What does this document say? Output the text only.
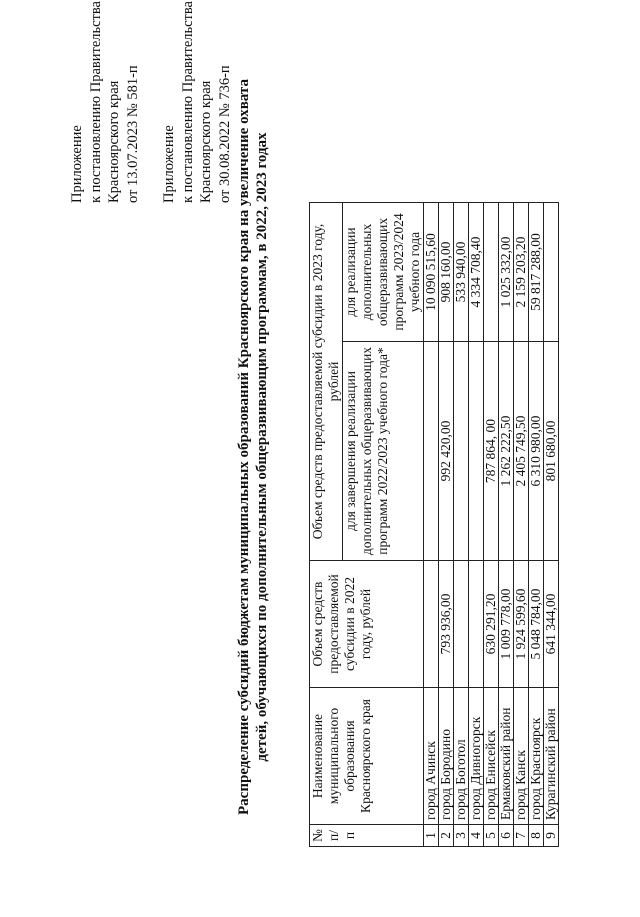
Приложение к постановлению Правительства Красноярского края от 13.07.2023 № 581-п Приложение к постановлению Правительства Красноярского края от 30.08.2022 № 736-п Распределение субсидий бюджетам муниципальных образований Красноярского края на увеличение охвата детей, обучающихся по дополнительным общеразвивающим программам, в 2022, 2023 годах
№ п/п	Наименование муниципального образования Красноярского края	Объем средств предоставляемой субсидии в 2022 году, рублей	Объем средств предоставляемой субсидии в 2023 году, рублей	
			для завершения реализации дополнительных общеразвивающих программ 2022/2023 учебного года*	для реализации дополнительных общеразвивающих программ 2023/2024 учебного года
1	город Ачинск			10 090 515,60
2	город Бородино	793 936,00	992 420,00	908 160,00
3	город Боготол			533 940,00
4	город Дивногорск			4 334 708,40
5	город Енисейск	630 291,20	787 864, 00	
6	Ермаковский район	1 009 778,00	1 262 222,50	1 025 332,00
7	город Канск	1 924 599,60	2 405 749,50	2 159 203,20
8	город Красноярск	5 048 784,00	6 310 980,00	59 817 288,00
9	Курагинский район	641 344,00	801 680,00	
